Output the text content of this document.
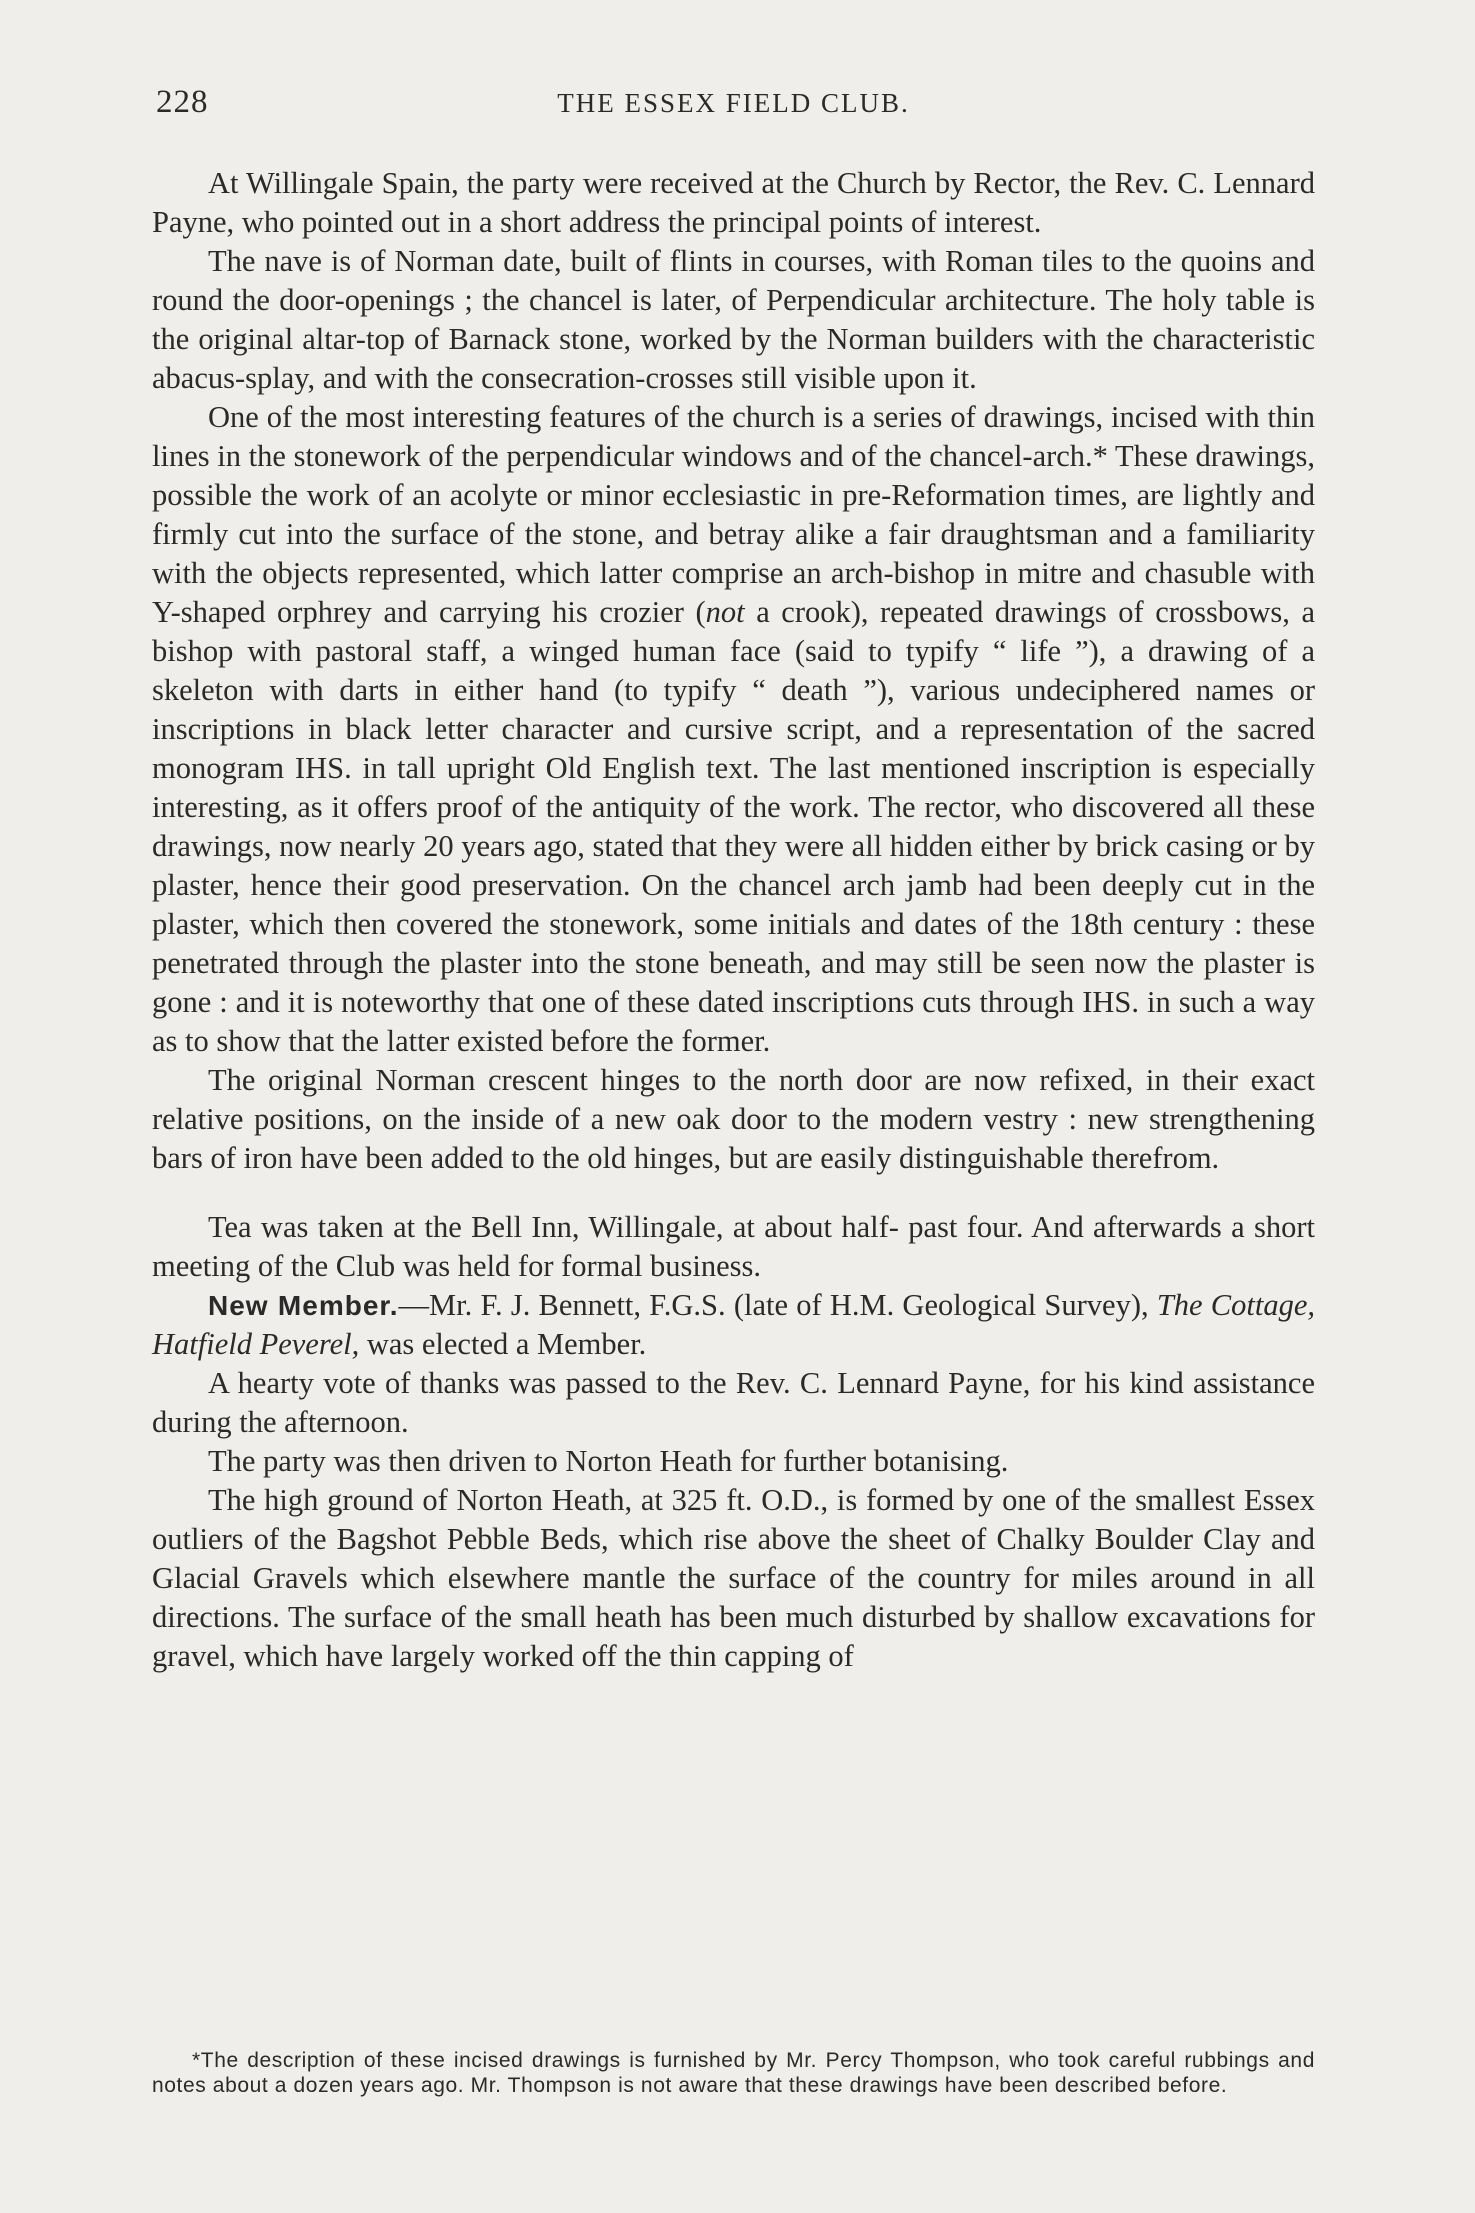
228	THE ESSEX FIELD CLUB.

At Willingale Spain, the party were received at the Church by Rector, the Rev. C. Lennard Payne, who pointed out in a short address the principal points of interest.

The nave is of Norman date, built of flints in courses, with Roman tiles to the quoins and round the door-openings ; the chancel is later, of Perpendicular architecture. The holy table is the original altar-top of Barnack stone, worked by the Norman builders with the characteristic abacus-splay, and with the consecration-crosses still visible upon it.

One of the most interesting features of the church is a series of drawings, incised with thin lines in the stonework of the perpendicular windows and of the chancel-arch.* These drawings, possible the work of an acolyte or minor ecclesiastic in pre-Reformation times, are lightly and firmly cut into the surface of the stone, and betray alike a fair draughtsman and a familiarity with the objects represented, which latter comprise an arch-bishop in mitre and chasuble with Y-shaped orphrey and carrying his crozier (not a crook), repeated drawings of crossbows, a bishop with pastoral staff, a winged human face (said to typify “ life ”), a drawing of a skeleton with darts in either hand (to typify “ death ”), various undeciphered names or inscriptions in black letter character and cursive script, and a representation of the sacred monogram IHS. in tall upright Old English text. The last mentioned inscription is especially interesting, as it offers proof of the antiquity of the work. The rector, who discovered all these drawings, now nearly 20 years ago, stated that they were all hidden either by brick casing or by plaster, hence their good preservation. On the chancel arch jamb had been deeply cut in the plaster, which then covered the stonework, some initials and dates of the 18th century : these penetrated through the plaster into the stone beneath, and may still be seen now the plaster is gone : and it is noteworthy that one of these dated inscriptions cuts through IHS. in such a way as to show that the latter existed before the former.

The original Norman crescent hinges to the north door are now refixed, in their exact relative positions, on the inside of a new oak door to the modern vestry : new strengthening bars of iron have been added to the old hinges, but are easily distinguishable therefrom.

Tea was taken at the Bell Inn, Willingale, at about half- past four. And afterwards a short meeting of the Club was held for formal business.

New Member.—Mr. F. J. Bennett, F.G.S. (late of H.M. Geological Survey), The Cottage, Hatfield Peverel, was elected a Member.

A hearty vote of thanks was passed to the Rev. C. Lennard Payne, for his kind assistance during the afternoon.

The party was then driven to Norton Heath for further botanising.

The high ground of Norton Heath, at 325 ft. O.D., is formed by one of the smallest Essex outliers of the Bagshot Pebble Beds, which rise above the sheet of Chalky Boulder Clay and Glacial Gravels which elsewhere mantle the surface of the country for miles around in all directions. The surface of the small heath has been much disturbed by shallow excavations for gravel, which have largely worked off the thin capping of

*The description of these incised drawings is furnished by Mr. Percy Thompson, who took careful rubbings and notes about a dozen years ago. Mr. Thompson is not aware that these drawings have been described before.
